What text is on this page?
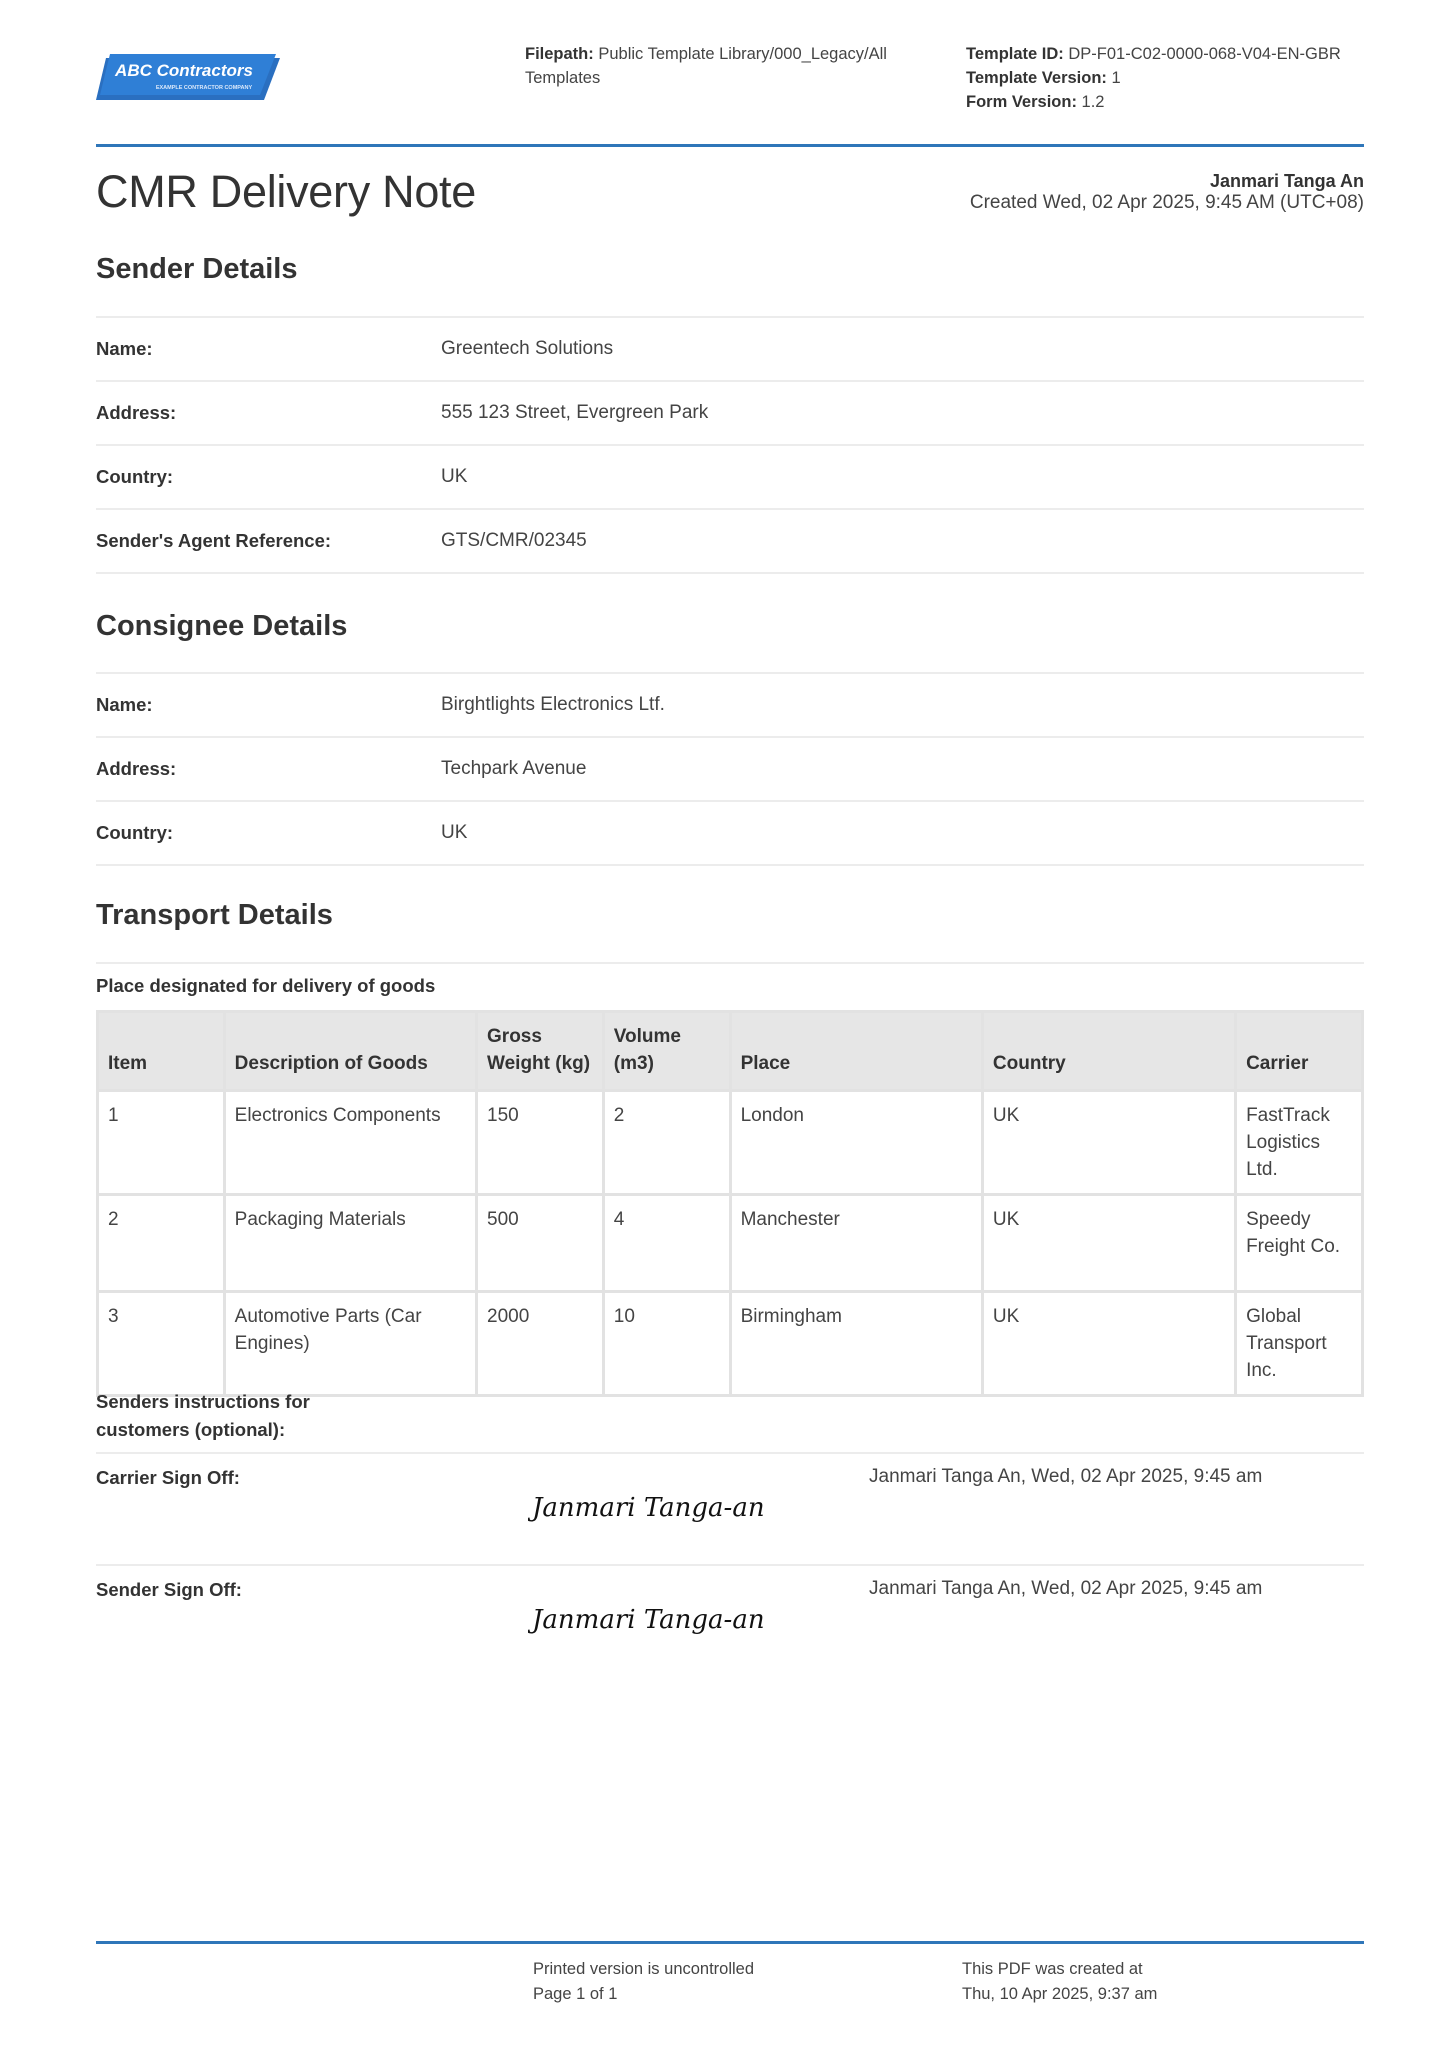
ABC Contractors
EXAMPLE CONTRACTOR COMPANY
Filepath: Public Template Library/000_Legacy/All Templates
Template ID: DP-F01-C02-0000-068-V04-EN-GBR
Template Version: 1
Form Version: 1.2
CMR Delivery Note	Janmari Tanga An
Created Wed, 02 Apr 2025, 9:45 AM (UTC+08)
Sender Details
Name:	Greentech Solutions
Address:	555 123 Street, Evergreen Park
Country:	UK
Sender's Agent Reference:	GTS/CMR/02345
Consignee Details
Name:	Birghtlights Electronics Ltf.
Address:	Techpark Avenue
Country:	UK
Transport Details
Place designated for delivery of goods
Item	Description of Goods	Gross Weight (kg)	Volume (m3)	Place	Country	Carrier
1	Electronics Components	150	2	London	UK	FastTrack Logistics Ltd.
2	Packaging Materials	500	4	Manchester	UK	Speedy Freight Co.
3	Automotive Parts (Car Engines)	2000	10	Birmingham	UK	Global Transport Inc.
Senders instructions for customers (optional):
Carrier Sign Off:
Janmari Tanga-an
Janmari Tanga An, Wed, 02 Apr 2025, 9:45 am
Sender Sign Off:
Janmari Tanga-an
Janmari Tanga An, Wed, 02 Apr 2025, 9:45 am
Printed version is uncontrolled
Page 1 of 1
This PDF was created at
Thu, 10 Apr 2025, 9:37 am
